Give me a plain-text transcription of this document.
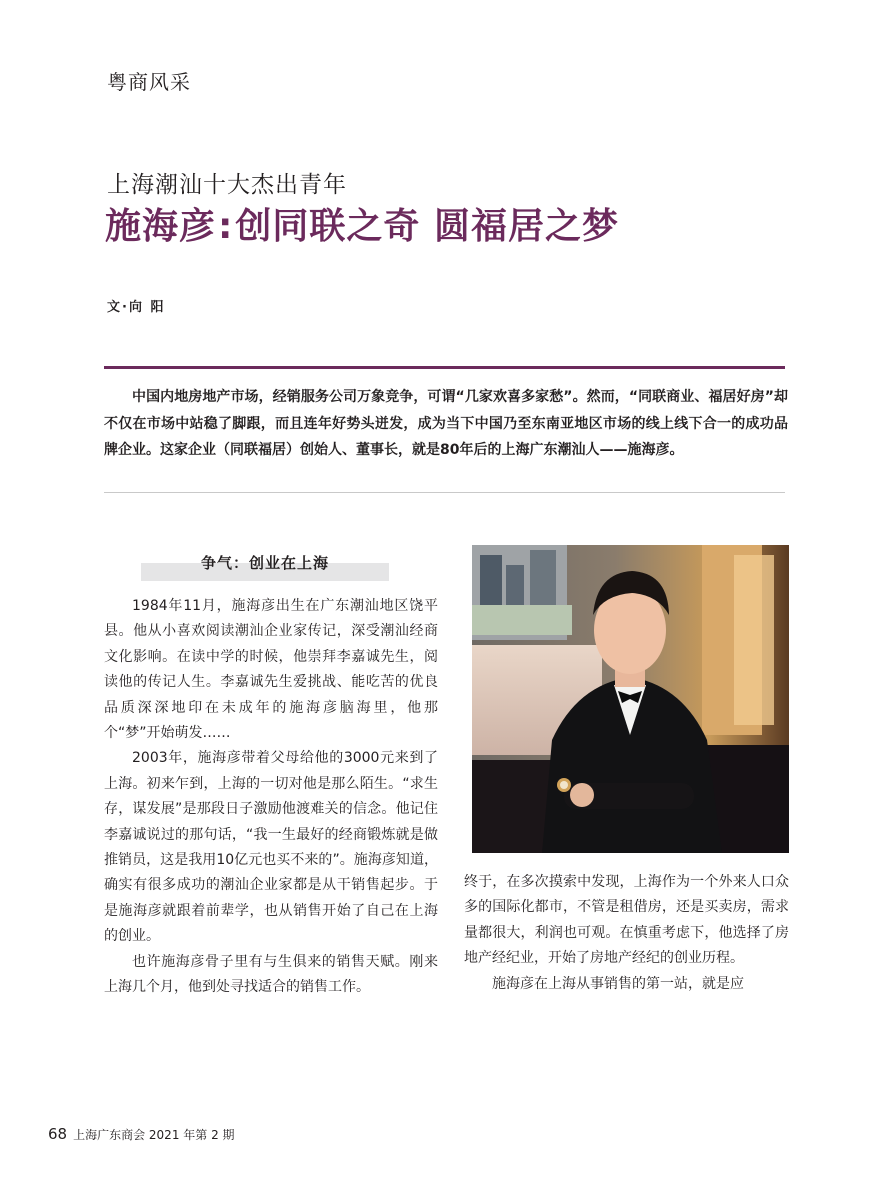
粤商风采
上海潮汕十大杰出青年
施海彦:创同联之奇 圆福居之梦
文·向 阳
中国内地房地产市场，经销服务公司万象竞争，可谓“几家欢喜多家愁”。然而，“同联商业、福居好房”却不仅在市场中站稳了脚跟，而且连年好势头迸发，成为当下中国乃至东南亚地区市场的线上线下合一的成功品牌企业。这家企业（同联福居）创始人、董事长，就是80年后的上海广东潮汕人——施海彦。
争气：创业在上海

1984年11月，施海彦出生在广东潮汕地区饶平县。他从小喜欢阅读潮汕企业家传记，深受潮汕经商文化影响。在读中学的时候，他崇拜李嘉诚先生，阅读他的传记人生。李嘉诚先生爱挑战、能吃苦的优良品质深深地印在未成年的施海彦脑海里，他那个“梦”开始萌发……

2003年，施海彦带着父母给他的3000元来到了上海。初来乍到，上海的一切对他是那么陌生。“求生存，谋发展”是那段日子激励他渡难关的信念。他记住李嘉诚说过的那句话，“我一生最好的经商锻炼就是做推销员，这是我用10亿元也买不来的”。施海彦知道，确实有很多成功的潮汕企业家都是从干销售起步。于是施海彦就跟着前辈学，也从销售开始了自己在上海的创业。

也许施海彦骨子里有与生俱来的销售天赋。刚来上海几个月，他到处寻找适合的销售工作。

终于，在多次摸索中发现，上海作为一个外来人口众多的国际化都市，不管是租借房，还是买卖房，需求量都很大，利润也可观。在慎重考虑下，他选择了房地产经纪业，开始了房地产经纪的创业历程。

施海彦在上海从事销售的第一站，就是应

68 上海广东商会 2021 年第 2 期
